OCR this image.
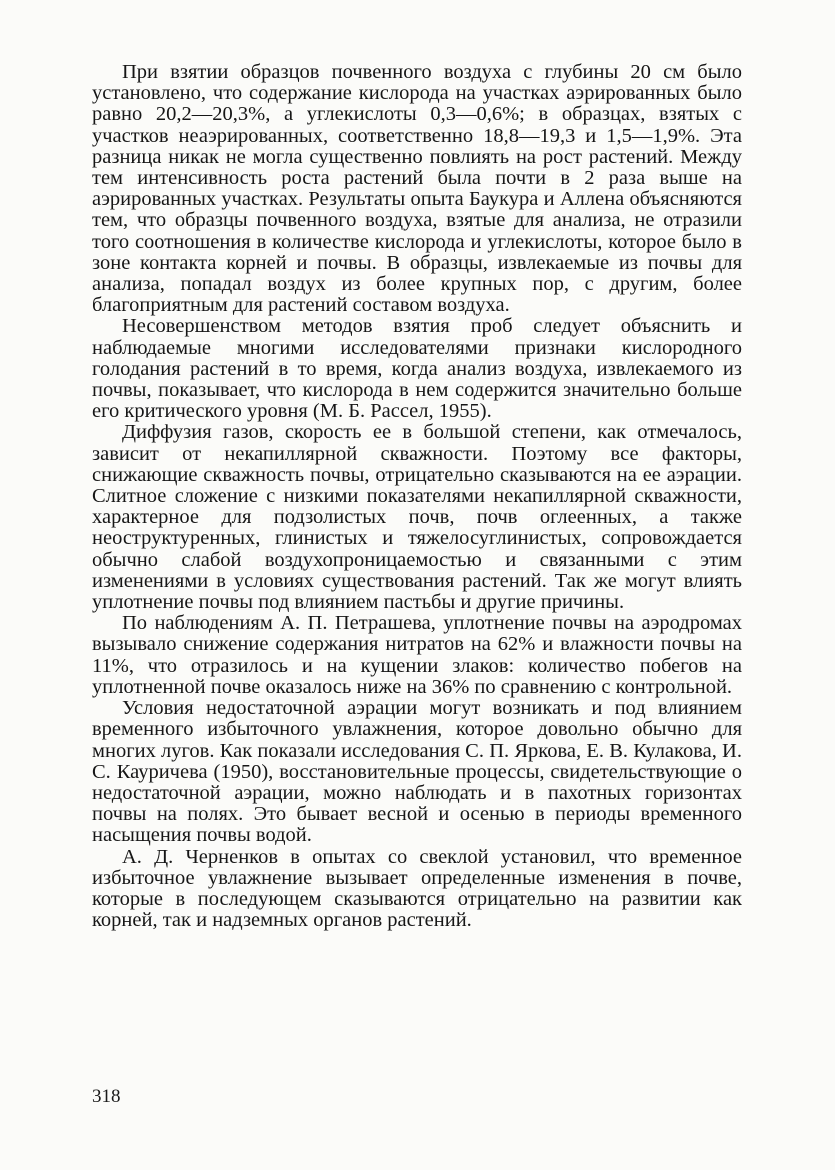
При взятии образцов почвенного воздуха с глубины 20 см было установлено, что содержание кислорода на участках аэрированных было равно 20,2—20,3%, а углекислоты 0,3—0,6%; в образцах, взятых с участков неаэрированных, соответственно 18,8—19,3 и 1,5—1,9%. Эта разница никак не могла существенно повлиять на рост растений. Между тем интенсивность роста растений была почти в 2 раза выше на аэрированных участках. Результаты опыта Баукура и Аллена объясняются тем, что образцы почвенного воздуха, взятые для анализа, не отразили того соотношения в количестве кислорода и углекислоты, которое было в зоне контакта корней и почвы. В образцы, извлекаемые из почвы для анализа, попадал воздух из более крупных пор, с другим, более благоприятным для растений составом воздуха.

Несовершенством методов взятия проб следует объяснить и наблюдаемые многими исследователями признаки кислородного голодания растений в то время, когда анализ воздуха, извлекаемого из почвы, показывает, что кислорода в нем содержится значительно больше его критического уровня (М. Б. Рассел, 1955).

Диффузия газов, скорость ее в большой степени, как отмечалось, зависит от некапиллярной скважности. Поэтому все факторы, снижающие скважность почвы, отрицательно сказываются на ее аэрации. Слитное сложение с низкими показателями некапиллярной скважности, характерное для подзолистых почв, почв оглеенных, а также неоструктуренных, глинистых и тяжелосуглинистых, сопровождается обычно слабой воздухопроницаемостью и связанными с этим изменениями в условиях существования растений. Так же могут влиять уплотнение почвы под влиянием пастьбы и другие причины.

По наблюдениям А. П. Петрашева, уплотнение почвы на аэродромах вызывало снижение содержания нитратов на 62% и влажности почвы на 11%, что отразилось и на кущении злаков: количество побегов на уплотненной почве оказалось ниже на 36% по сравнению с контрольной.

Условия недостаточной аэрации могут возникать и под влиянием временного избыточного увлажнения, которое довольно обычно для многих лугов. Как показали исследования С. П. Яркова, Е. В. Кулакова, И. С. Кауричева (1950), восстановительные процессы, свидетельствующие о недостаточной аэрации, можно наблюдать и в пахотных горизонтах почвы на полях. Это бывает весной и осенью в периоды временного насыщения почвы водой.

А. Д. Черненков в опытах со свеклой установил, что временное избыточное увлажнение вызывает определенные изменения в почве, которые в последующем сказываются отрицательно на развитии как корней, так и надземных органов растений.

318
